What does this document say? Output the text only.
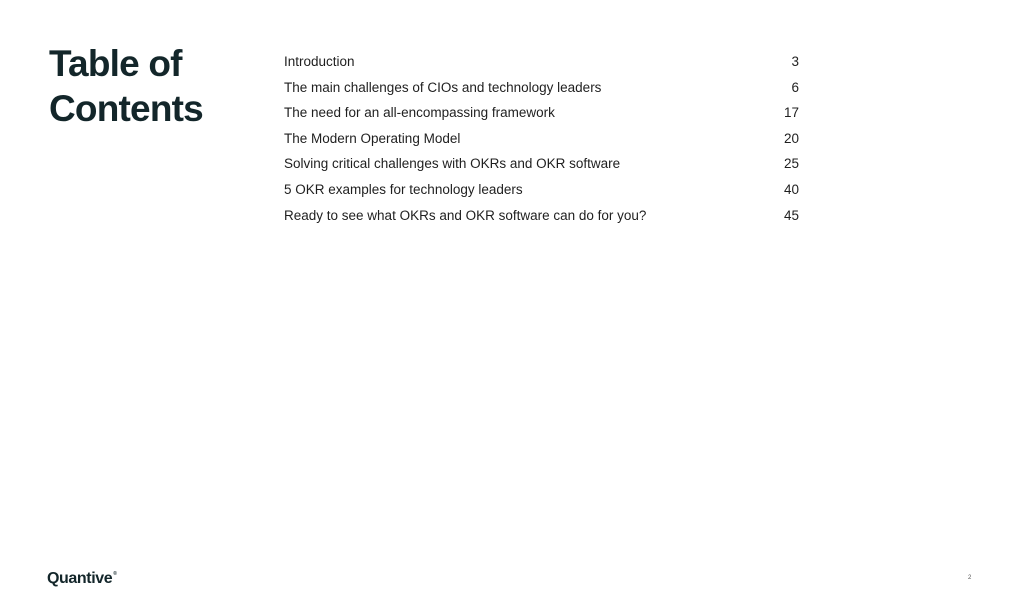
Table of Contents
Introduction	3
The main challenges of CIOs and technology leaders	6
The need for an all-encompassing framework	17
The Modern Operating Model	20
Solving critical challenges with OKRs and OKR software	25
5 OKR examples for technology leaders	40
Ready to see what OKRs and OKR software can do for you?	45
Quantive ®
2
